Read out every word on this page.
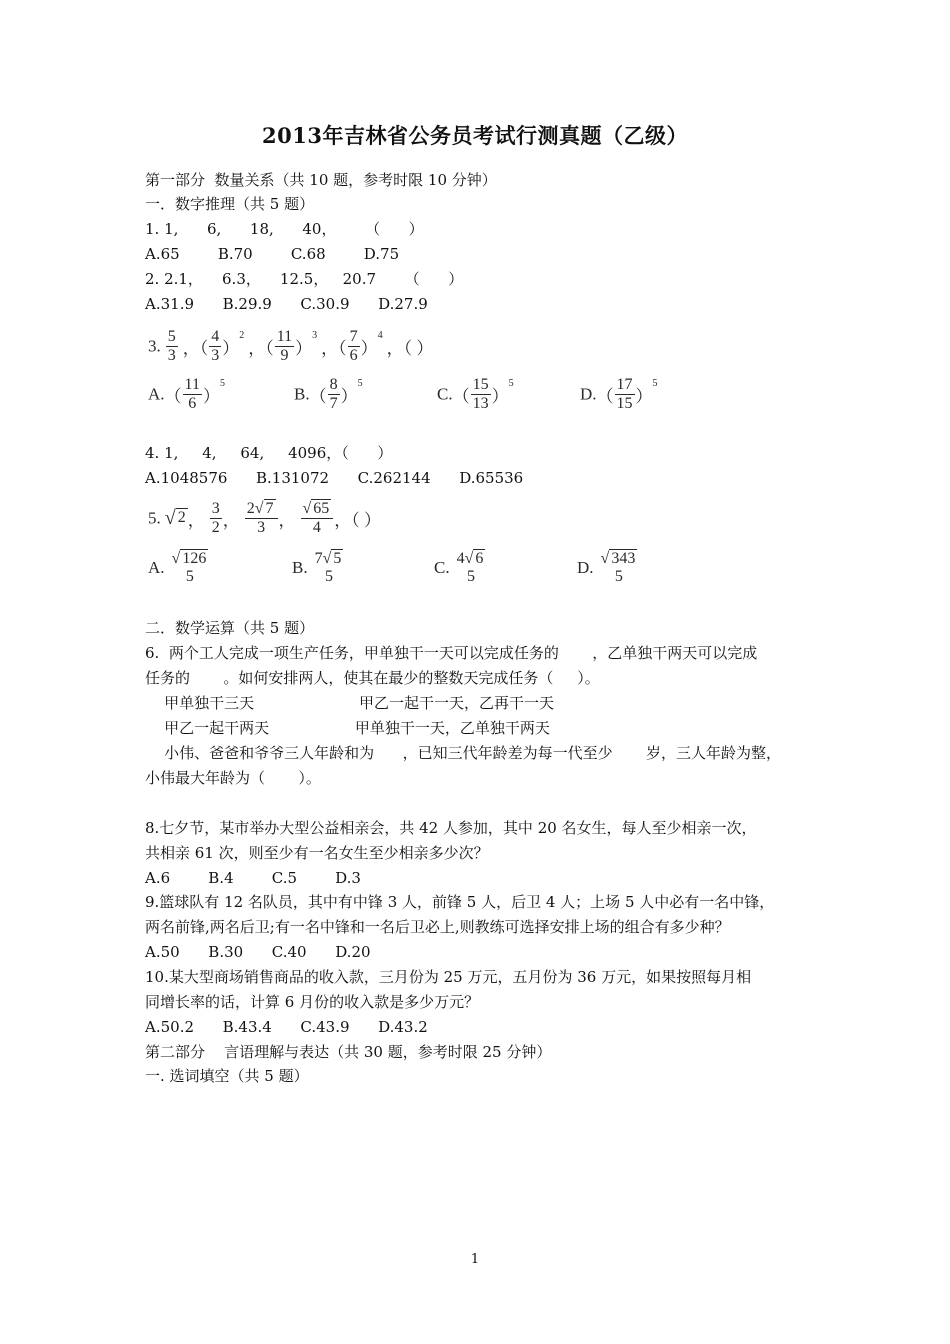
2013年吉林省公务员考试行测真题（乙级）
第一部分  数量关系（共 10 题，参考时限 10 分钟）
一．数字推理（共 5 题）
1. 1,      6,      18,      40，      （      ）
A.65        B.70        C.68        D.75
2. 2.1，    6.3，    12.5，   20.7      （      ）
A.31.9      B.29.9      C.30.9      D.27.9
3. $\frac{5}{3}$ ，（ $\frac{4}{3} )^2$ ，（ $\frac{11}{9} )^3$ ，（ $\frac{7}{6} )^4$ ，（ ）
$A.( \frac{11}{6} )^5$
$B.( \frac{8}{7} )^5$
$C.( \frac{15}{13} )^5$
$D.( \frac{17}{15} )^5$
4. 1,     4,     64,     4096，（      ）
A.1048576      B.131072      C.262144      D.65536
5. √ 2 ， $\frac{3}{2}$ ， $\frac{2√ 7}{3}$ ， $\frac{√ 65}{4}$ ，（ ）
A. √ 126
5	B. 7√ 5
5	C. 4√ 6
5	D. √ 343
5
二．数学运算（共 5 题）
6.  两个工人完成一项生产任务，甲单独干一天可以完成任务的       ，乙单独干两天可以完成
任务的       。如何安排两人，使其在最少的整数天完成任务（     ）。
甲单独干三天                      甲乙一起干一天，乙再干一天
甲乙一起干两天                  甲单独干一天，乙单独干两天
小伟、爸爸和爷爷三人年龄和为      ，已知三代年龄差为每一代至少       岁，三人年龄为整，
小伟最大年龄为（       ）。
8.七夕节，某市举办大型公益相亲会，共 42 人参加，其中 20 名女生，每人至少相亲一次，
共相亲 61 次，则至少有一名女生至少相亲多少次？
A.6        B.4        C.5        D.3
9.篮球队有 12 名队员，其中有中锋 3 人，前锋 5 人，后卫 4 人；上场 5 人中必有一名中锋，
两名前锋,两名后卫;有一名中锋和一名后卫必上,则教练可选择安排上场的组合有多少种？
A.50      B.30      C.40      D.20
10.某大型商场销售商品的收入款，三月份为 25 万元，五月份为 36 万元，如果按照每月相
同增长率的话，计算 6 月份的收入款是多少万元？
A.50.2      B.43.4      C.43.9      D.43.2
第二部分    言语理解与表达（共 30 题，参考时限 25 分钟）
一. 选词填空（共 5 题）
1
